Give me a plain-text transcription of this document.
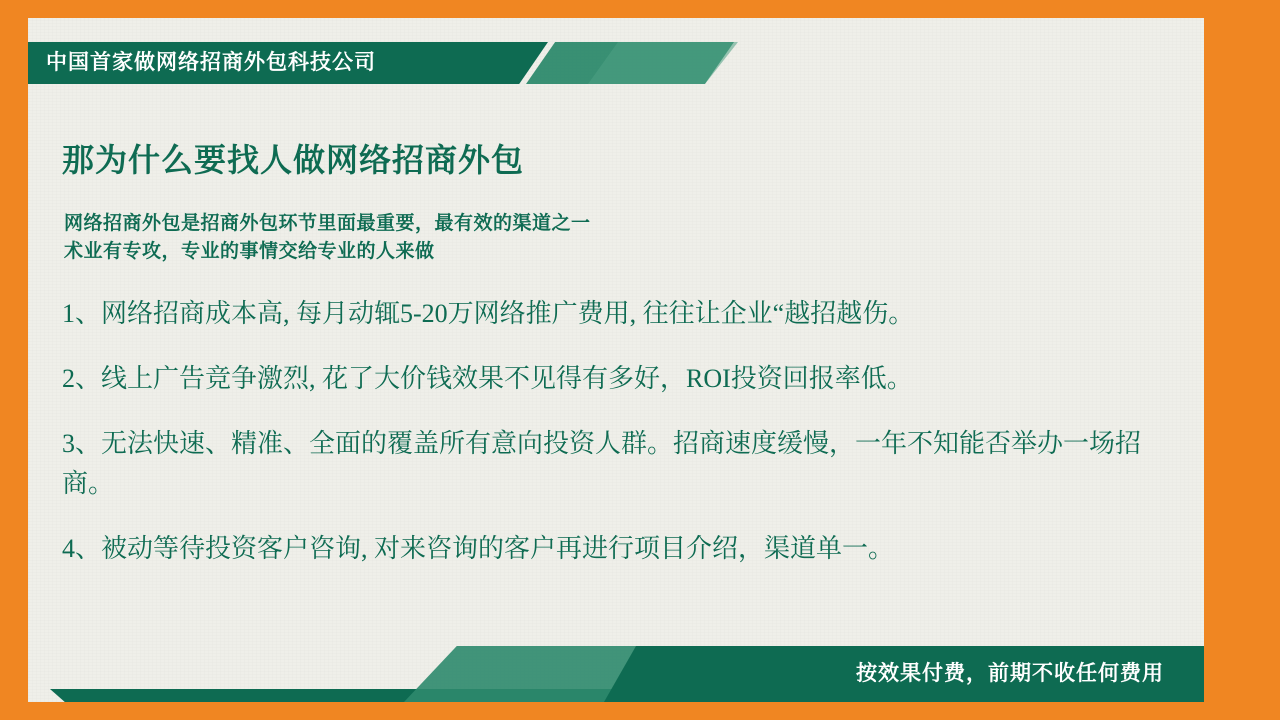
中国首家做网络招商外包科技公司
那为什么要找人做网络招商外包
网络招商外包是招商外包环节里面最重要，最有效的渠道之一
术业有专攻，专业的事情交给专业的人来做
1、网络招商成本高, 每月动辄5-20万网络推广费用, 往往让企业“越招越伤。
2、线上广告竞争激烈, 花了大价钱效果不见得有多好，ROI投资回报率低。
3、无法快速、精准、全面的覆盖所有意向投资人群。招商速度缓慢，一年不知能否举办一场招商。
4、被动等待投资客户咨询, 对来咨询的客户再进行项目介绍，渠道单一。
按效果付费，前期不收任何费用
